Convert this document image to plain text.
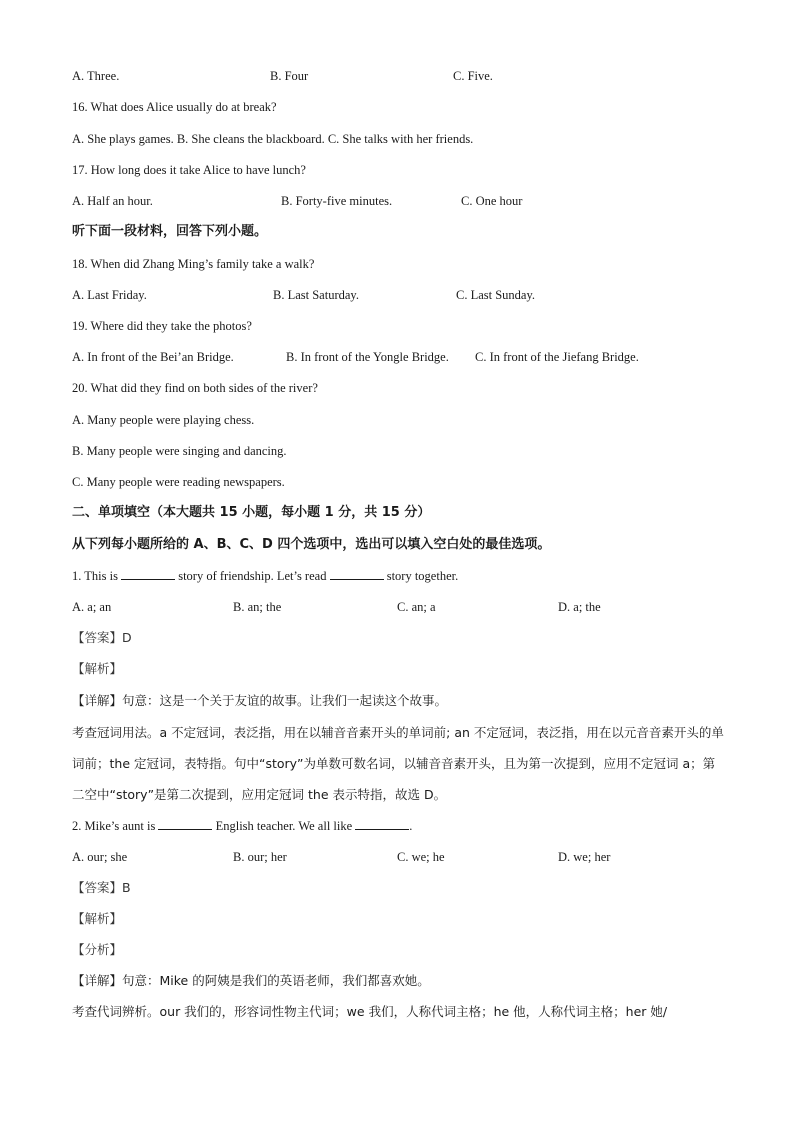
A. Three.	B. Four	C. Five.
16. What does Alice usually do at break?
A. She plays games. B. She cleans the blackboard. C. She talks with her friends.
17. How long does it take Alice to have lunch?
A. Half an hour.	B. Forty-five minutes.	C. One hour
听下面一段材料，回答下列小题。
18. When did Zhang Ming’s family take a walk?
A. Last Friday.	B. Last Saturday.	C. Last Sunday.
19. Where did they take the photos?
A. In front of the Bei’an Bridge.	B. In front of the Yongle Bridge. C. In front of the Jiefang Bridge.
20. What did they find on both sides of the river?
A. Many people were playing chess.
B. Many people were singing and dancing.
C. Many people were reading newspapers.
二、单项填空（本大题共 15 小题，每小题 1 分，共 15 分）
从下列每小题所给的 A、B、C、D 四个选项中，选出可以填入空白处的最佳选项。
1. This is	story of friendship. Let’s read	story together.
A. a; an	B. an; the	C. an; a	D. a; the
【答案】D
【解析】
【详解】句意：这是一个关于友谊的故事。让我们一起读这个故事。
考查冠词用法。a 不定冠词，表泛指，用在以辅音音素开头的单词前; an 不定冠词，表泛指，用在以元音音素开头的单词前；the 定冠词，表特指。句中“story”为单数可数名词，以辅音音素开头，且为第一次提到，应用不定冠词 a；第二空中“story”是第二次提到，应用定冠词 the 表示特指，故选 D。
2. Mike’s aunt is	English teacher. We all like	.
A. our; she	B. our; her	C. we; he	D. we; her
【答案】B
【解析】
【分析】
【详解】句意：Mike 的阿姨是我们的英语老师，我们都喜欢她。
考查代词辨析。our 我们的，形容词性物主代词；we 我们，人称代词主格；he 他，人称代词主格；her 她/
